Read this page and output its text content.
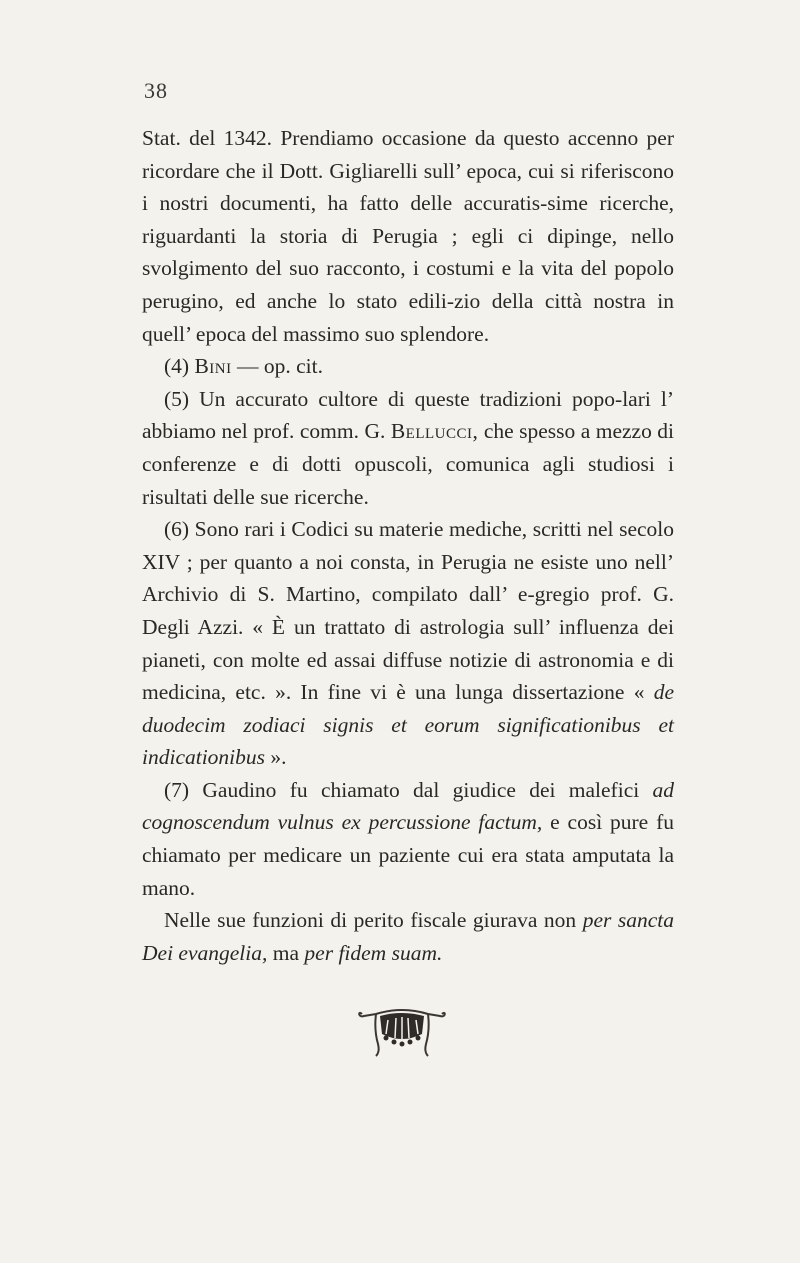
38

Stat. del 1342. Prendiamo occasione da questo accenno per ricordare che il Dott. Gigliarelli sull’ epoca, cui si riferiscono i nostri documenti, ha fatto delle accuratis-sime ricerche, riguardanti la storia di Perugia ; egli ci dipinge, nello svolgimento del suo racconto, i costumi e la vita del popolo perugino, ed anche lo stato edili-zio della città nostra in quell’ epoca del massimo suo splendore.

(4) Bini — op. cit.

(5) Un accurato cultore di queste tradizioni popo-lari l’ abbiamo nel prof. comm. G. Bellucci, che spesso a mezzo di conferenze e di dotti opuscoli, comunica agli studiosi i risultati delle sue ricerche.

(6) Sono rari i Codici su materie mediche, scritti nel secolo XIV ; per quanto a noi consta, in Perugia ne esiste uno nell’ Archivio di S. Martino, compilato dall’ e-gregio prof. G. Degli Azzi. « È un trattato di astrologia sull’ influenza dei pianeti, con molte ed assai diffuse notizie di astronomia e di medicina, etc. ». In fine vi è una lunga dissertazione « de duodecim zodiaci signis et eorum significationibus et indicationibus ».

(7) Gaudino fu chiamato dal giudice dei malefici ad cognoscendum vulnus ex percussione factum, e così pure fu chiamato per medicare un paziente cui era stata amputata la mano.

Nelle sue funzioni di perito fiscale giurava non per sancta Dei evangelia, ma per fidem suam.
